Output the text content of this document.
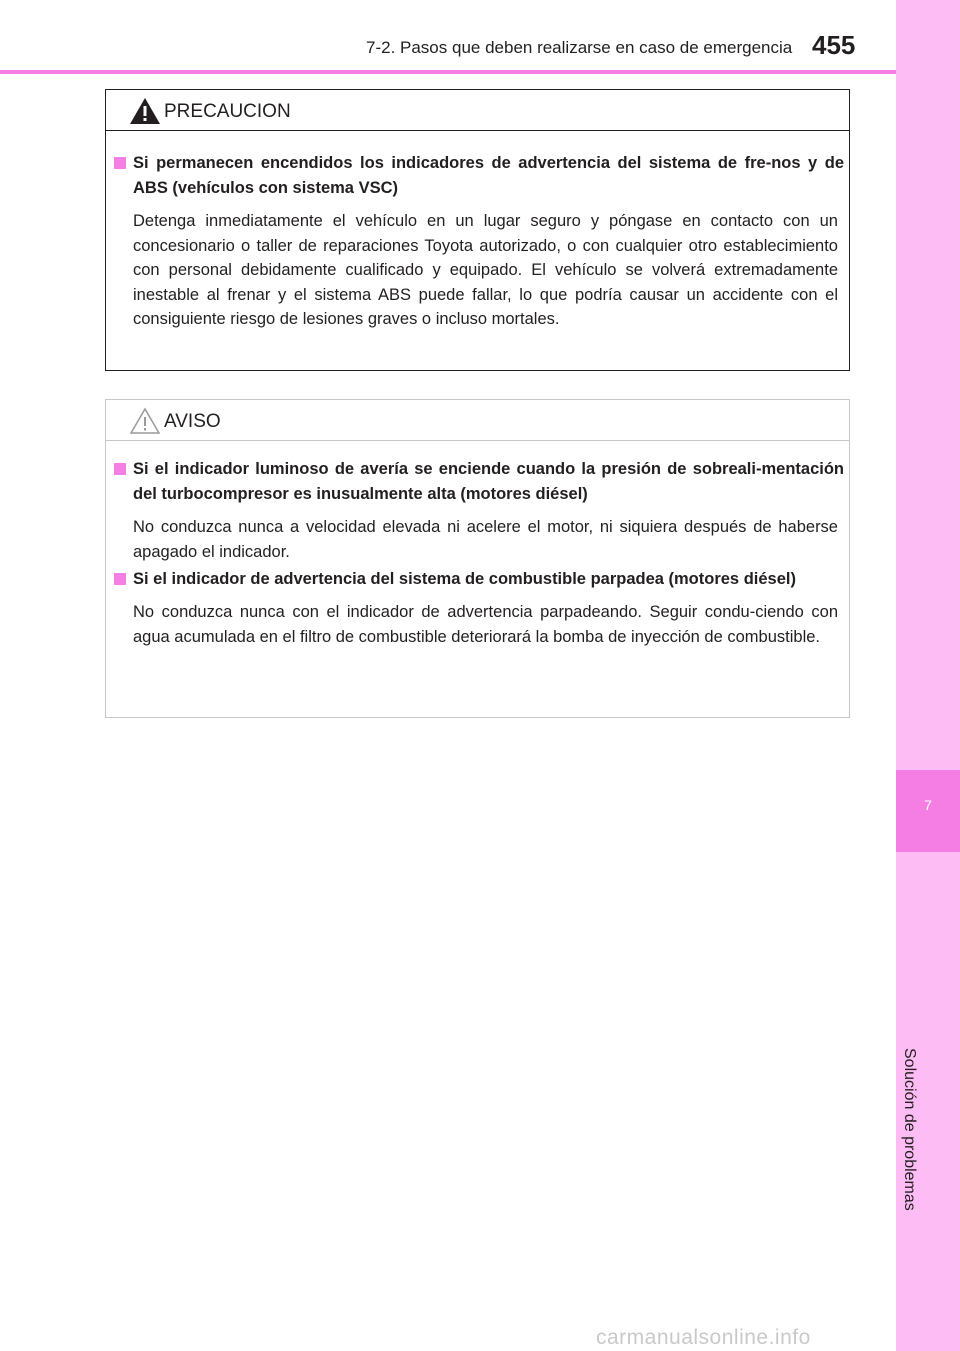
7
Solución de problemas
7-2. Pasos que deben realizarse en caso de emergencia 455
PRECAUCION
Si permanecen encendidos los indicadores de advertencia del sistema de fre-nos y de ABS (vehículos con sistema VSC)
Detenga inmediatamente el vehículo en un lugar seguro y póngase en contacto con un concesionario o taller de reparaciones Toyota autorizado, o con cualquier otro establecimiento con personal debidamente cualificado y equipado. El vehículo se volverá extremadamente inestable al frenar y el sistema ABS puede fallar, lo que podría causar un accidente con el consiguiente riesgo de lesiones graves o incluso mortales.
AVISO
Si el indicador luminoso de avería se enciende cuando la presión de sobreali-mentación del turbocompresor es inusualmente alta (motores diésel)
No conduzca nunca a velocidad elevada ni acelere el motor, ni siquiera después de haberse apagado el indicador.
Si el indicador de advertencia del sistema de combustible parpadea (motores diésel)
No conduzca nunca con el indicador de advertencia parpadeando. Seguir condu-ciendo con agua acumulada en el filtro de combustible deteriorará la bomba de inyección de combustible.
carmanualsonline.info
